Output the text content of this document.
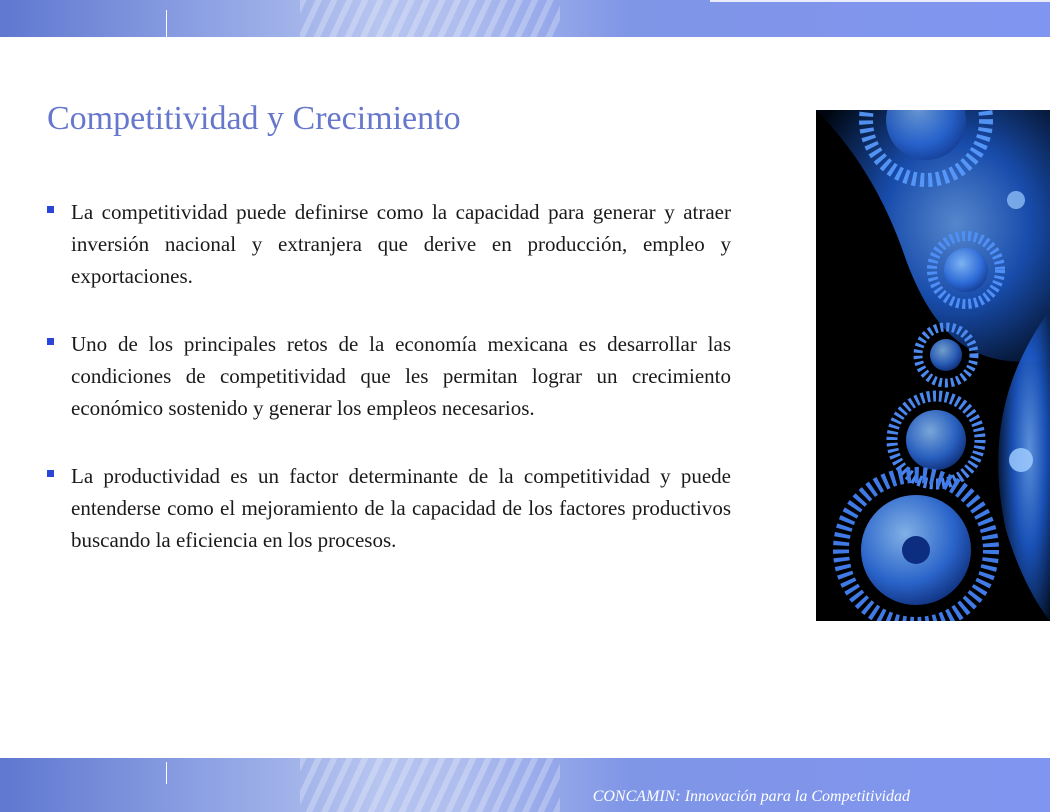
Competitividad y Crecimiento
La competitividad puede definirse como la capacidad para generar y atraer inversión nacional y extranjera que derive en producción, empleo y exportaciones.
Uno de los principales retos de la economía mexicana es desarrollar las condiciones de competitividad que les permitan lograr un crecimiento económico sostenido y generar los empleos necesarios.
La productividad es un factor determinante de la competitividad y puede entenderse como el mejoramiento de la capacidad de los factores productivos buscando la eficiencia en los procesos.
CONCAMIN: Innovación para la Competitividad
